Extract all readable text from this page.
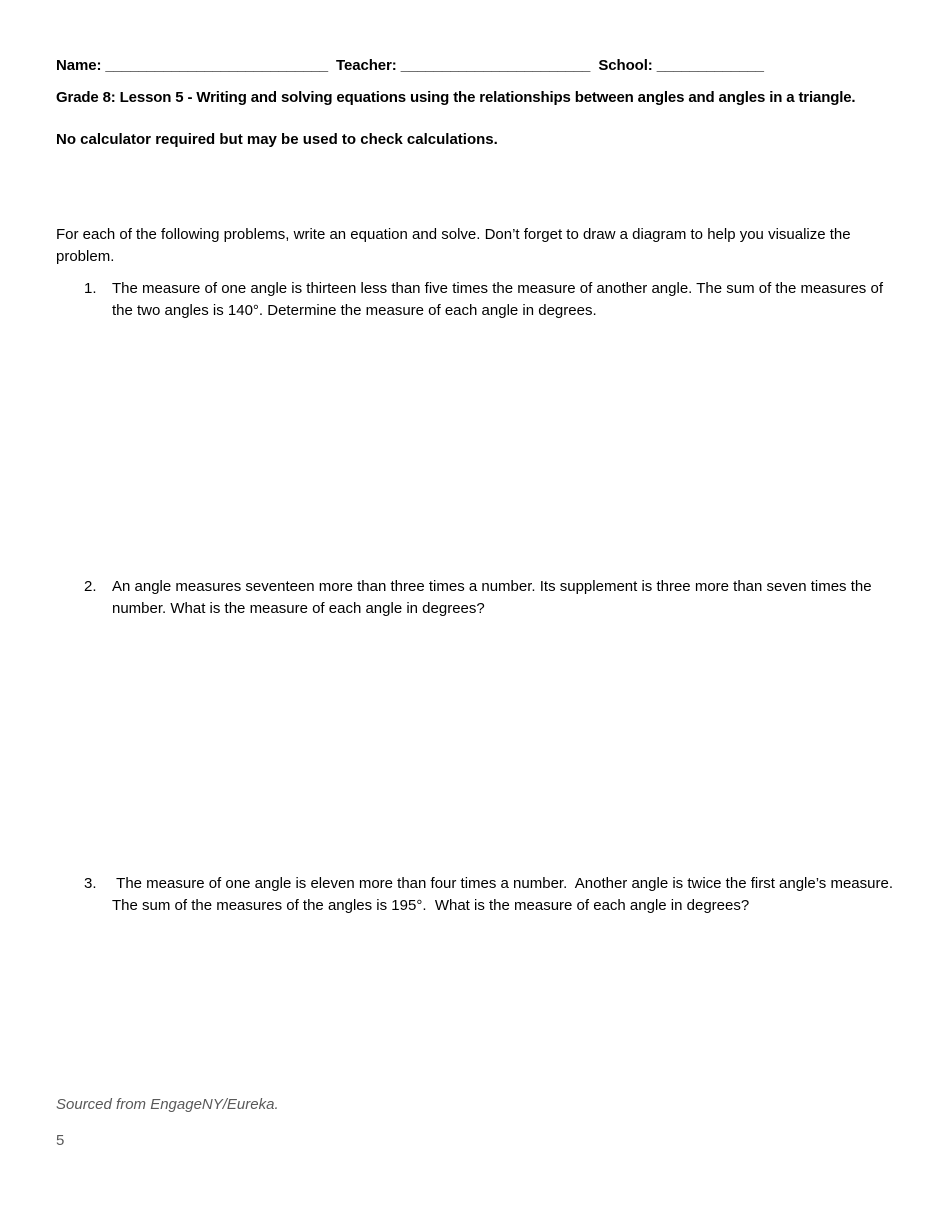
Name: ___________________________ Teacher: _______________________ School: _____________
Grade 8: Lesson 5 - Writing and solving equations using the relationships between angles and angles in a triangle.
No calculator required but may be used to check calculations.
For each of the following problems, write an equation and solve. Don’t forget to draw a diagram to help you visualize the problem.
1.	The measure of one angle is thirteen less than five times the measure of another angle. The sum of the measures of the two angles is 140°. Determine the measure of each angle in degrees.
2.	An angle measures seventeen more than three times a number. Its supplement is three more than seven times the number. What is the measure of each angle in degrees?
3.	The measure of one angle is eleven more than four times a number.  Another angle is twice the first angle’s measure.  The sum of the measures of the angles is 195°.  What is the measure of each angle in degrees?
Sourced from EngageNY/Eureka.
5
